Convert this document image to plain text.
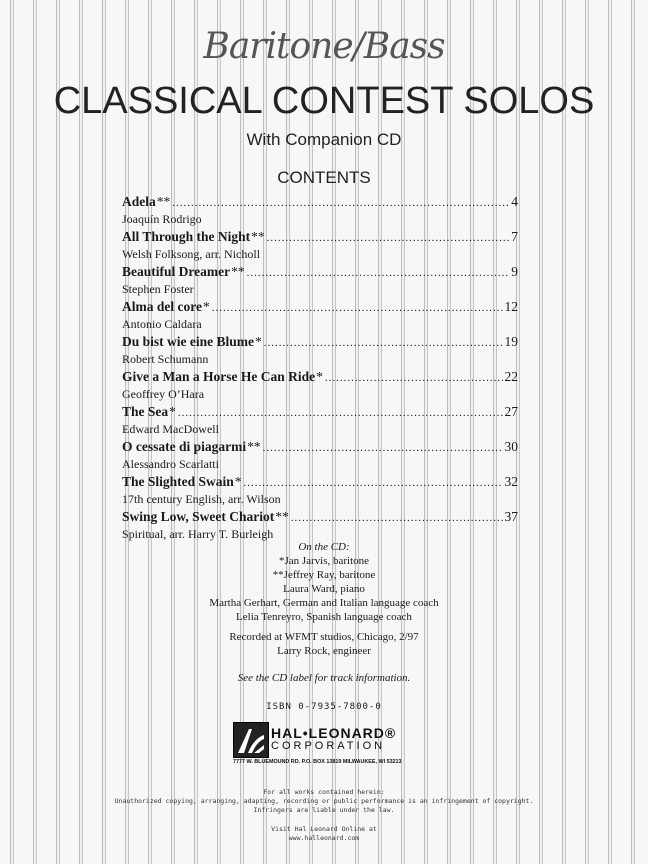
Baritone/Bass
CLASSICAL CONTEST SOLOS
With Companion CD
CONTENTS
Adela ** .....	4
Joaquín Rodrigo
All Through the Night ** .....	7
Welsh Folksong, arr. Nicholl
Beautiful Dreamer ** .....	9
Stephen Foster
Alma del core * .....	12
Antonio Caldara
Du bist wie eine Blume * .....	19
Robert Schumann
Give a Man a Horse He Can Ride * .....	22
Geoffrey O’Hara
The Sea * .....	27
Edward MacDowell
O cessate di piagarmi ** .....	30
Alessandro Scarlatti
The Slighted Swain * .....	32
17th century English, arr. Wilson
Swing Low, Sweet Chariot ** .....	37
Spiritual, arr. Harry T. Burleigh
On the CD:
*Jan Jarvis, baritone
**Jeffrey Ray, baritone
Laura Ward, piano
Martha Gerhart, German and Italian language coach
Lelia Tenreyro, Spanish language coach
Recorded at WFMT studios, Chicago, 2/97
Larry Rock, engineer
See the CD label for track information.
ISBN 0-7935-7800-0
HAL•LEONARD®
CORPORATION
7777 W. BLUEMOUND RD. P.O. BOX 13819 MILWAUKEE, WI 53213
For all works contained herein:
Unauthorized copying, arranging, adapting, recording or public performance is an infringement of copyright.
Infringers are liable under the law.
Visit Hal Leonard Online at
www.halleonard.com
